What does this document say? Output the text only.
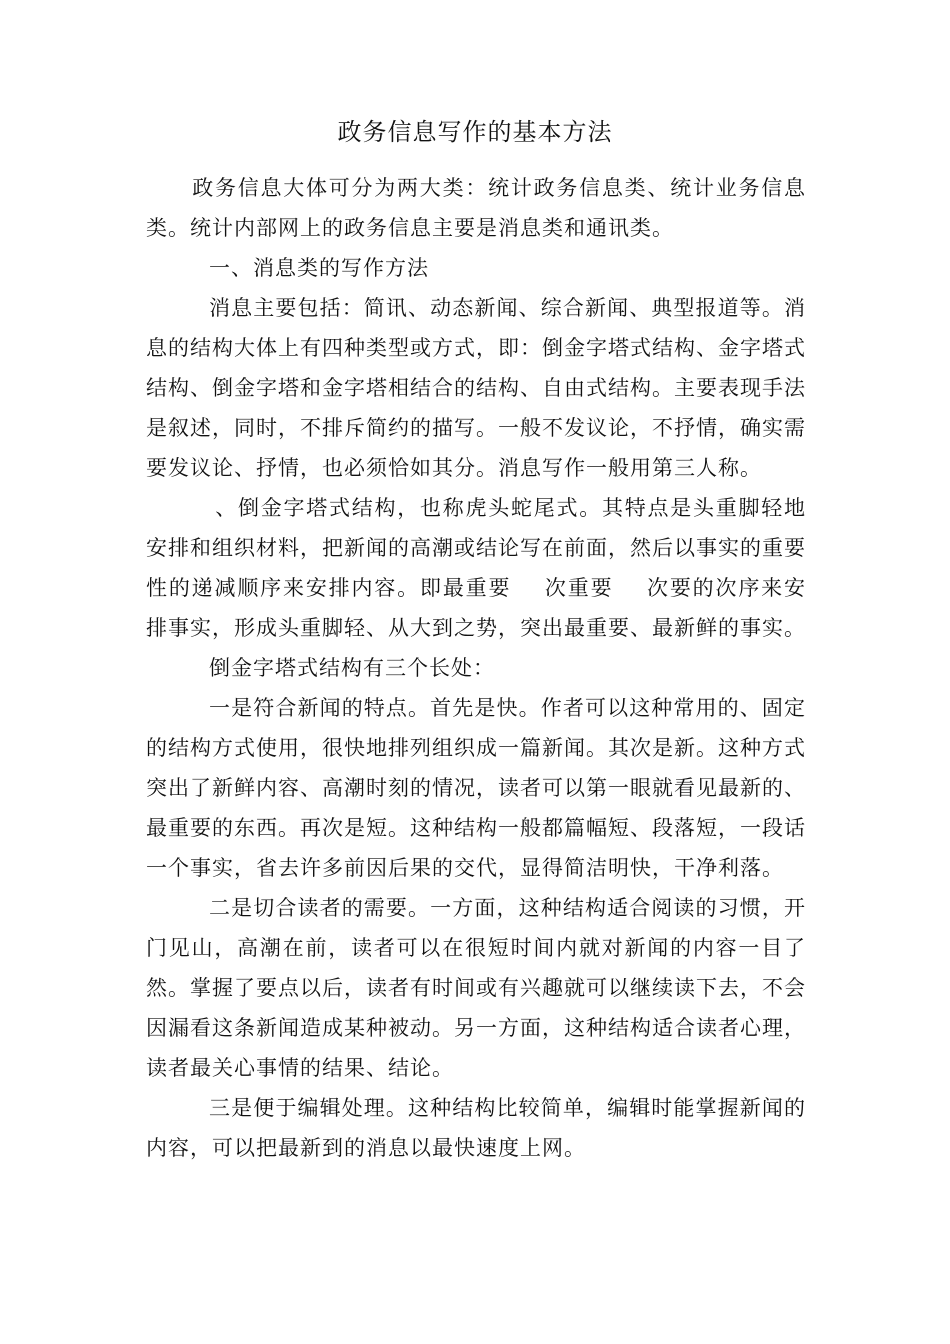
政务信息写作的基本方法

政务信息大体可分为两大类：统计政务信息类、统计业务信息类。统计内部网上的政务信息主要是消息类和通讯类。

一、消息类的写作方法

消息主要包括：简讯、动态新闻、综合新闻、典型报道等。消息的结构大体上有四种类型或方式，即：倒金字塔式结构、金字塔式结构、倒金字塔和金字塔相结合的结构、自由式结构。主要表现手法是叙述，同时，不排斥简约的描写。一般不发议论，不抒情，确实需要发议论、抒情，也必须恰如其分。消息写作一般用第三人称。

、倒金字塔式结构，也称虎头蛇尾式。其特点是头重脚轻地安排和组织材料，把新闻的高潮或结论写在前面，然后以事实的重要性的递减顺序来安排内容。即最重要 次重要 次要的次序来安排事实，形成头重脚轻、从大到之势，突出最重要、最新鲜的事实。

倒金字塔式结构有三个长处：

一是符合新闻的特点。首先是快。作者可以这种常用的、固定的结构方式使用，很快地排列组织成一篇新闻。其次是新。这种方式突出了新鲜内容、高潮时刻的情况，读者可以第一眼就看见最新的、最重要的东西。再次是短。这种结构一般都篇幅短、段落短，一段话一个事实，省去许多前因后果的交代，显得简洁明快，干净利落。

二是切合读者的需要。一方面，这种结构适合阅读的习惯，开门见山，高潮在前，读者可以在很短时间内就对新闻的内容一目了然。掌握了要点以后，读者有时间或有兴趣就可以继续读下去，不会因漏看这条新闻造成某种被动。另一方面，这种结构适合读者心理，读者最关心事情的结果、结论。

三是便于编辑处理。这种结构比较简单，编辑时能掌握新闻的内容，可以把最新到的消息以最快速度上网。
